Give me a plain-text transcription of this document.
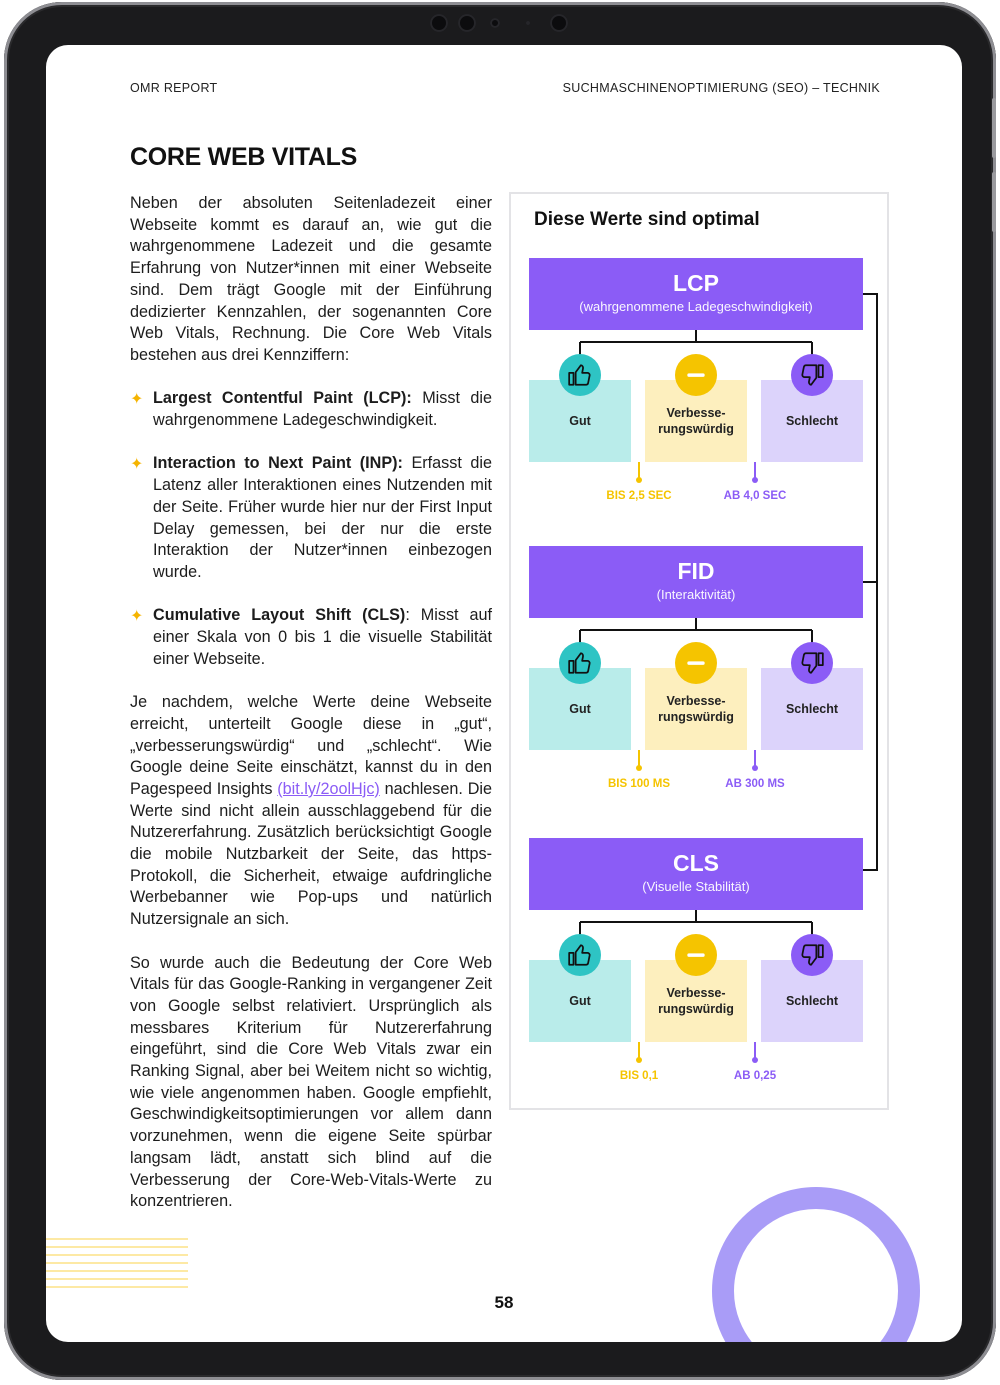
OMR REPORT	SUCHMASCHINENOPTIMIERUNG (SEO) – TECHNIK
CORE WEB VITALS

Neben der absoluten Seitenladezeit einer Webseite kommt es darauf an, wie gut die wahrgenommene Ladezeit und die gesamte Erfahrung von Nutzer*innen mit einer Webseite sind. Dem trägt Google mit der Einführung dedizierter Kennzahlen, der sogenannten Core Web Vitals, Rechnung. Die Core Web Vitals bestehen aus drei Kennziffern:

✦ Largest Contentful Paint (LCP): Misst die wahrgenommene Ladegeschwindigkeit.
✦ Interaction to Next Paint (INP): Erfasst die Latenz aller Interaktionen eines Nutzenden mit der Seite. Früher wurde hier nur der First Input Delay gemessen, bei der nur die erste Interaktion der Nutzer*innen einbezogen wurde.
✦ Cumulative Layout Shift (CLS): Misst auf einer Skala von 0 bis 1 die visuelle Stabilität einer Webseite.

Je nachdem, welche Werte deine Webseite erreicht, unterteilt Google diese in „gut“, „verbesserungswürdig“ und „schlecht“. Wie Google deine Seite einschätzt, kannst du in den Pagespeed Insights (bit.ly/2oolHjc) nachlesen. Die Werte sind nicht allein ausschlaggebend für die Nutzererfahrung. Zusätzlich berücksichtigt Google die mobile Nutzbarkeit der Seite, das https-Protokoll, die Sicherheit, etwaige aufdringliche Werbebanner wie Pop-ups und natürlich Nutzersignale an sich.

So wurde auch die Bedeutung der Core Web Vitals für das Google-Ranking in vergangener Zeit von Google selbst relativiert. Ursprünglich als messbares Kriterium für Nutzererfahrung eingeführt, sind die Core Web Vitals zwar ein Ranking Signal, aber bei Weitem nicht so wichtig, wie viele angenommen haben. Google empfiehlt, Geschwindigkeitsoptimierungen vor allem dann vorzunehmen, wenn die eigene Seite spürbar langsam lädt, anstatt sich blind auf die Verbesserung der Core-Web-Vitals-Werte zu konzentrieren.

Diese Werte sind optimal
LCP
(wahrgenommene Ladegeschwindigkeit)
Gut
Verbesse-
rungswürdig
Schlecht
BIS 2,5 SEC	AB 4,0 SEC
FID
(Interaktivität)
Gut
Verbesse-
rungswürdig
Schlecht
BIS 100 MS	AB 300 MS
CLS
(Visuelle Stabilität)
Gut
Verbesse-
rungswürdig
Schlecht
BIS 0,1	AB 0,25
58
